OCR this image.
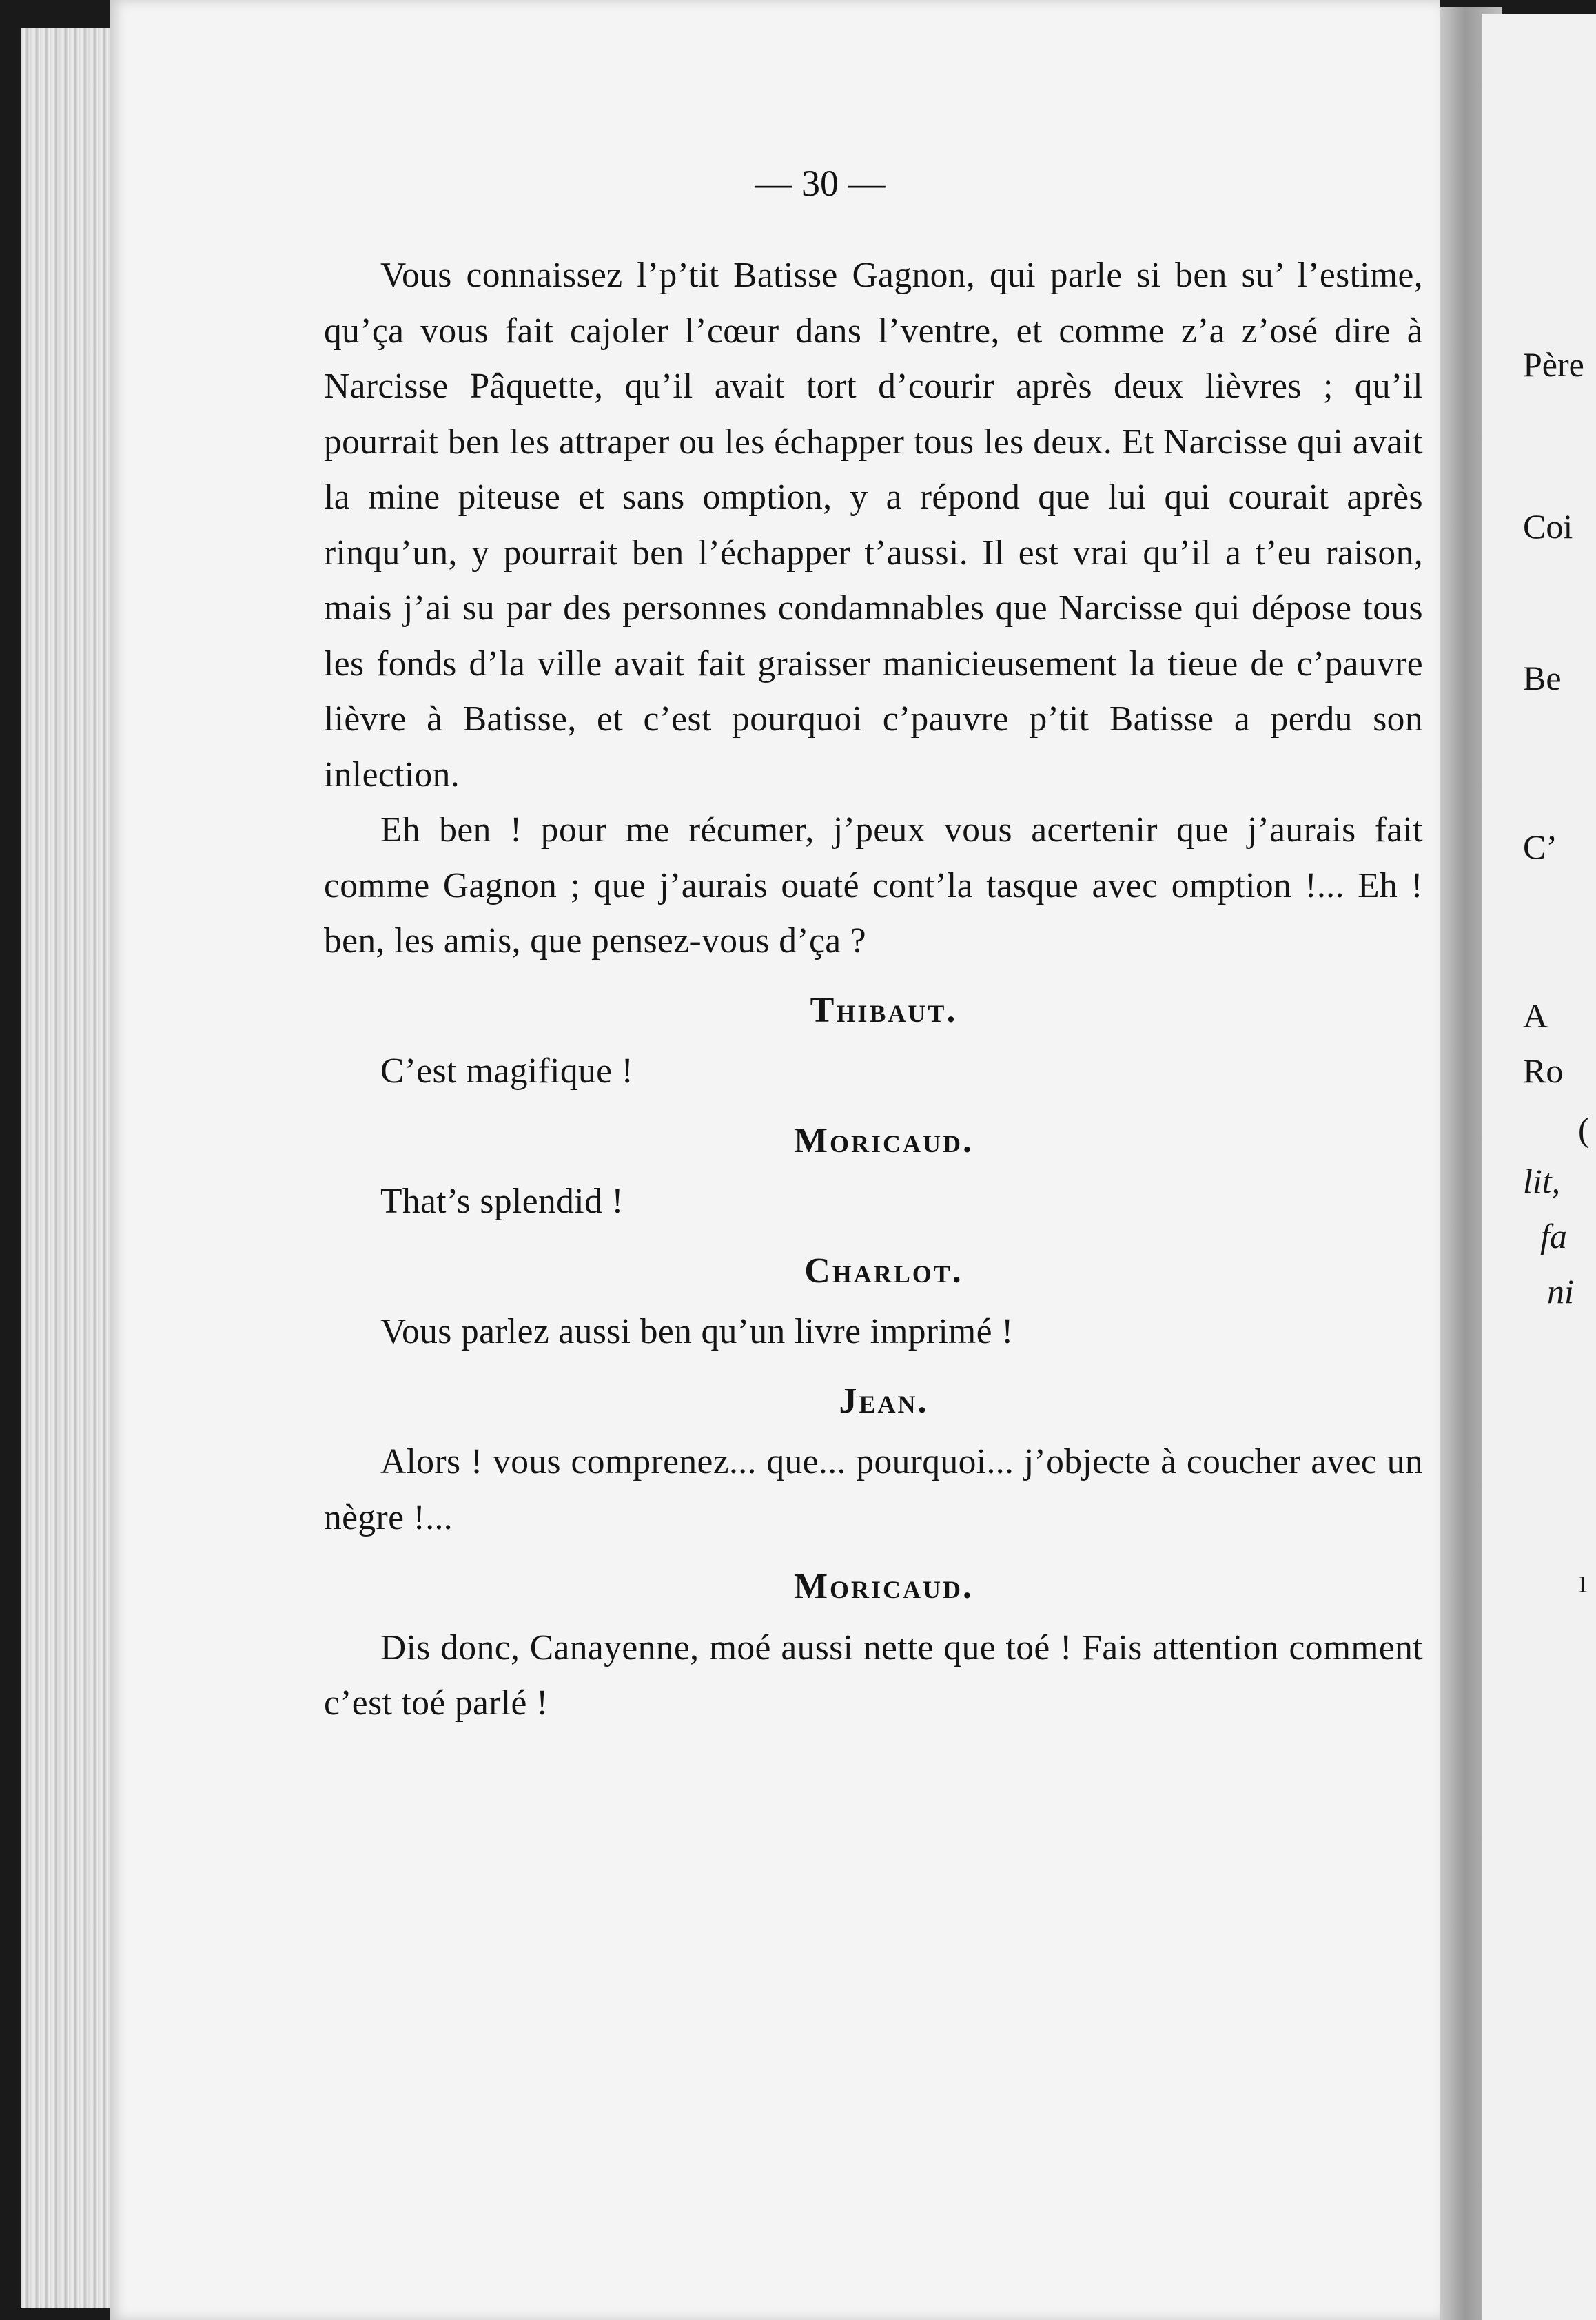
Père
Coi
Be
C’
A
Ro
(
lit,
fa
ni
ı
— 30 —

Vous connaissez l’p’tit Batisse Gagnon, qui parle si ben su’ l’estime, qu’ça vous fait cajoler l’cœur dans l’ventre, et comme z’a z’osé dire à Narcisse Pâquette, qu’il avait tort d’courir après deux lièvres ; qu’il pourrait ben les attraper ou les échapper tous les deux. Et Narcisse qui avait la mine piteuse et sans omption, y a répond que lui qui courait après rinqu’un, y pourrait ben l’échapper t’aussi. Il est vrai qu’il a t’eu raison, mais j’ai su par des personnes condamnables que Narcisse qui dépose tous les fonds d’la ville avait fait graisser manicieusement la tieue de c’pauvre lièvre à Batisse, et c’est pourquoi c’pauvre p’tit Batisse a perdu son inlection.

Eh ben ! pour me récumer, j’peux vous acertenir que j’aurais fait comme Gagnon ; que j’aurais ouaté cont’la tasque avec omption !... Eh ! ben, les amis, que pensez-vous d’ça ?

Thibaut.

C’est magifique !

Moricaud.

That’s splendid !

Charlot.

Vous parlez aussi ben qu’un livre imprimé !

Jean.

Alors ! vous comprenez... que... pourquoi... j’objecte à coucher avec un nègre !...

Moricaud.

Dis donc, Canayenne, moé aussi nette que toé ! Fais attention comment c’est toé parlé !
